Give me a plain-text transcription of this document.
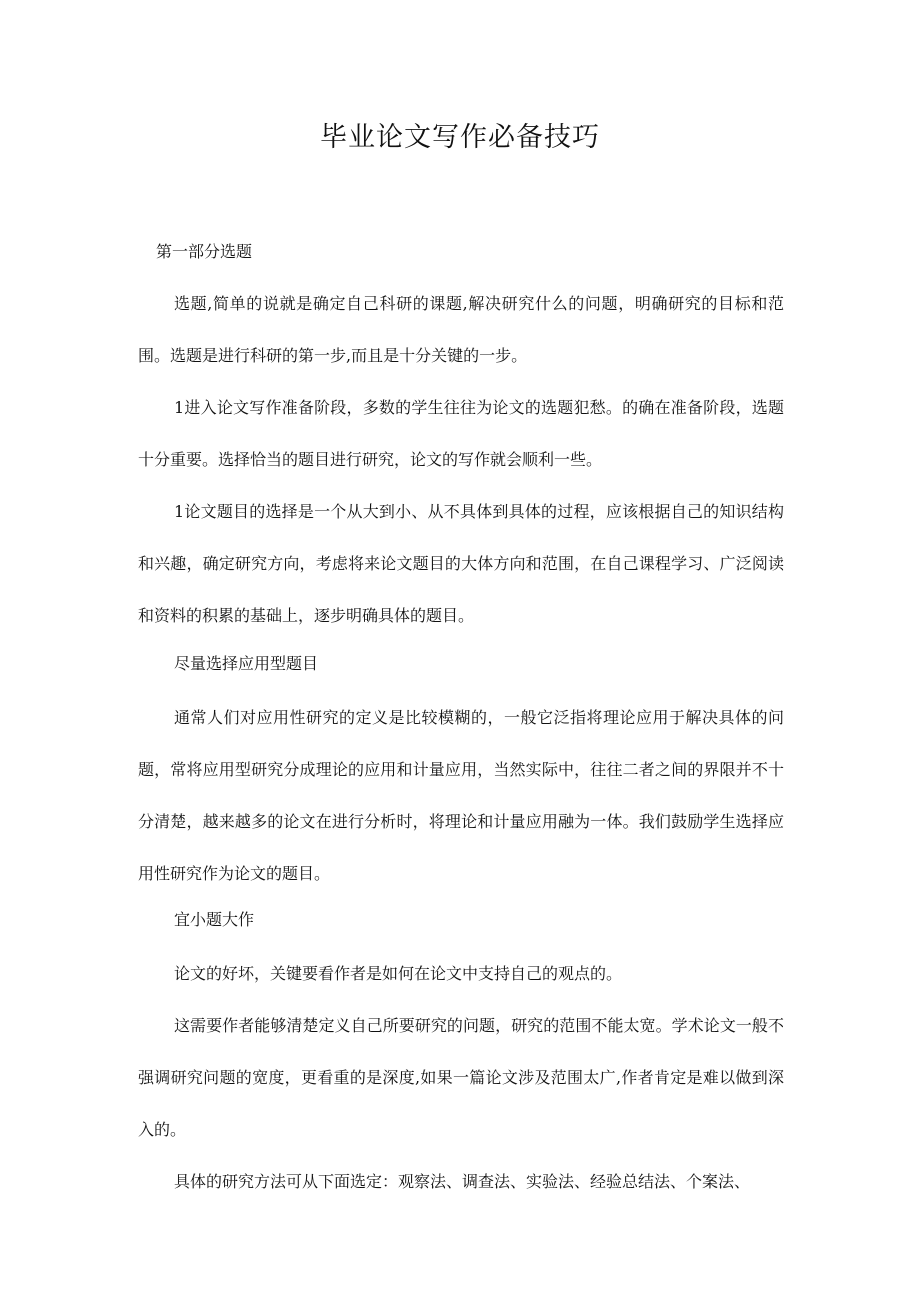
毕业论文写作必备技巧

第一部分选题

选题,简单的说就是确定自己科研的课题,解决研究什么的问题，明确研究的目标和范围。选题是进行科研的第一步,而且是十分关键的一步。

1进入论文写作准备阶段，多数的学生往往为论文的选题犯愁。的确在准备阶段，选题十分重要。选择恰当的题目进行研究，论文的写作就会顺利一些。

1论文题目的选择是一个从大到小、从不具体到具体的过程，应该根据自己的知识结构和兴趣，确定研究方向，考虑将来论文题目的大体方向和范围，在自己课程学习、广泛阅读和资料的积累的基础上，逐步明确具体的题目。

尽量选择应用型题目

通常人们对应用性研究的定义是比较模糊的，一般它泛指将理论应用于解决具体的问题，常将应用型研究分成理论的应用和计量应用，当然实际中，往往二者之间的界限并不十分清楚，越来越多的论文在进行分析时，将理论和计量应用融为一体。我们鼓励学生选择应用性研究作为论文的题目。

宜小题大作

论文的好坏，关键要看作者是如何在论文中支持自己的观点的。

这需要作者能够清楚定义自己所要研究的问题，研究的范围不能太宽。学术论文一般不强调研究问题的宽度，更看重的是深度,如果一篇论文涉及范围太广,作者肯定是难以做到深入的。

具体的研究方法可从下面选定：观察法、调查法、实验法、经验总结法、个案法、
